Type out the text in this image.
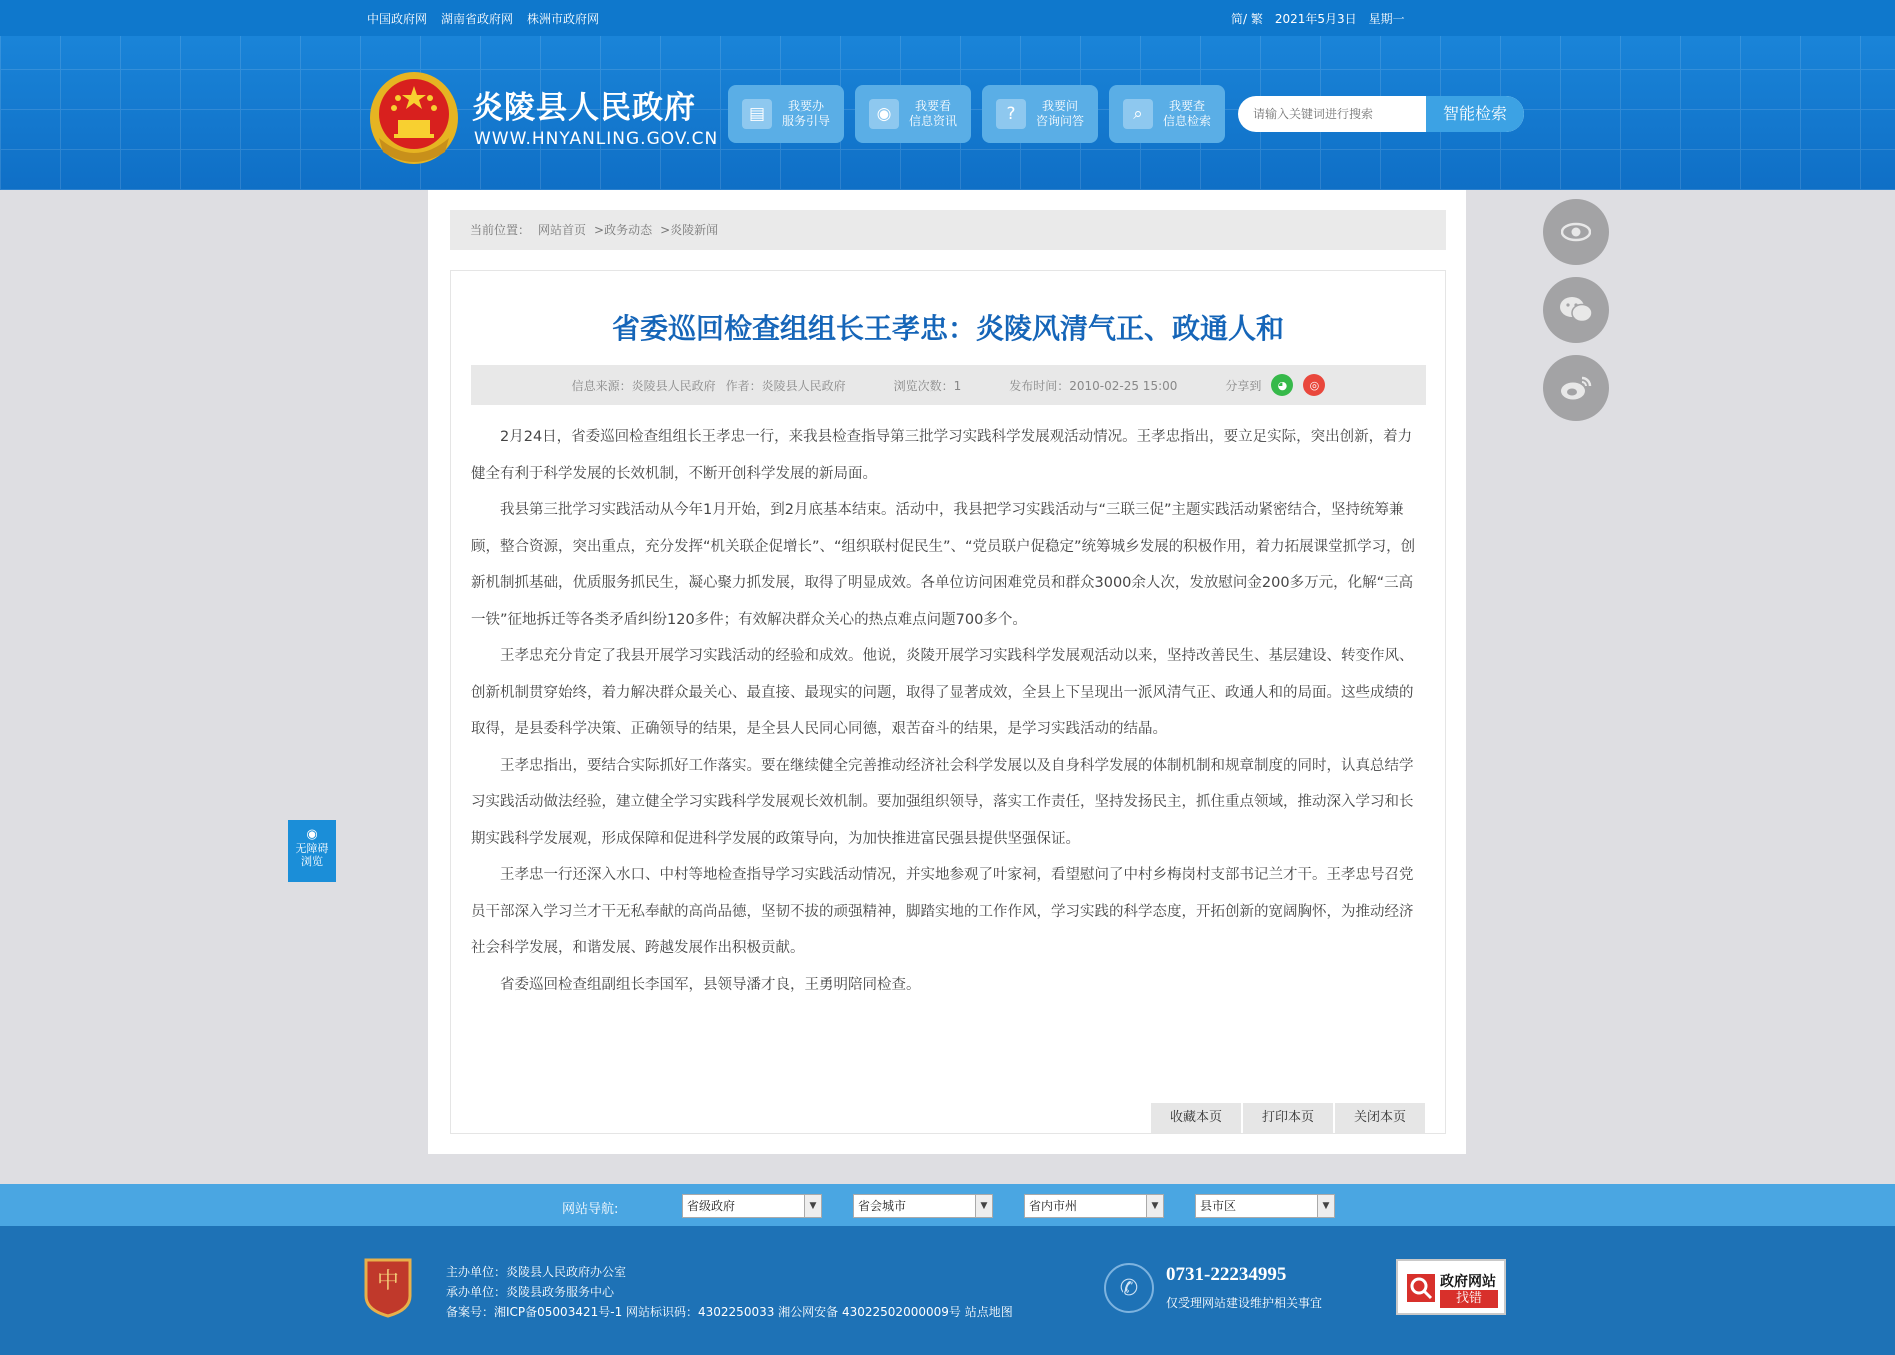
中国政府网 湖南省政府网 株洲市政府网	简/ 繁 2021年5月3日 星期一
炎陵县人民政府
WWW.HNYANLING.GOV.CN
▤	我要办
服务引导	◉	我要看
信息资讯	?	我要问
咨询问答	⌕	我要查
信息检索
请输入关键词进行搜索	智能检索
当前位置： 网站首页 >政务动态 >炎陵新闻
省委巡回检查组组长王孝忠：炎陵风清气正、政通人和
信息来源：炎陵县人民政府 作者：炎陵县人民政府	浏览次数：1	发布时间：2010-02-25 15:00	分享到	◕	◎

2月24日，省委巡回检查组组长王孝忠一行，来我县检查指导第三批学习实践科学发展观活动情况。王孝忠指出，要立足实际，突出创新，着力健全有利于科学发展的长效机制，不断开创科学发展的新局面。

我县第三批学习实践活动从今年1月开始，到2月底基本结束。活动中，我县把学习实践活动与“三联三促”主题实践活动紧密结合，坚持统筹兼顾，整合资源，突出重点，充分发挥“机关联企促增长”、“组织联村促民生”、“党员联户促稳定”统筹城乡发展的积极作用，着力拓展课堂抓学习，创新机制抓基础，优质服务抓民生，凝心聚力抓发展，取得了明显成效。各单位访问困难党员和群众3000余人次，发放慰问金200多万元，化解“三高一铁”征地拆迁等各类矛盾纠纷120多件；有效解决群众关心的热点难点问题700多个。

王孝忠充分肯定了我县开展学习实践活动的经验和成效。他说，炎陵开展学习实践科学发展观活动以来，坚持改善民生、基层建设、转变作风、创新机制贯穿始终，着力解决群众最关心、最直接、最现实的问题，取得了显著成效，全县上下呈现出一派风清气正、政通人和的局面。这些成绩的取得，是县委科学决策、正确领导的结果，是全县人民同心同德，艰苦奋斗的结果，是学习实践活动的结晶。

王孝忠指出，要结合实际抓好工作落实。要在继续健全完善推动经济社会科学发展以及自身科学发展的体制机制和规章制度的同时，认真总结学习实践活动做法经验，建立健全学习实践科学发展观长效机制。要加强组织领导，落实工作责任，坚持发扬民主，抓住重点领域，推动深入学习和长期实践科学发展观，形成保障和促进科学发展的政策导向，为加快推进富民强县提供坚强保证。

王孝忠一行还深入水口、中村等地检查指导学习实践活动情况，并实地参观了叶家祠，看望慰问了中村乡梅岗村支部书记兰才干。王孝忠号召党员干部深入学习兰才干无私奉献的高尚品德，坚韧不拔的顽强精神，脚踏实地的工作作风，学习实践的科学态度，开拓创新的宽阔胸怀，为推动经济社会科学发展，和谐发展、跨越发展作出积极贡献。

省委巡回检查组副组长李国军，县领导潘才良，王勇明陪同检查。

收藏本页	打印本页	关闭本页
◉
无障碍
浏览
网站导航:	省级政府	▼	省会城市	▼	省内市州	▼	县市区	▼
中	主办单位：炎陵县人民政府办公室
承办单位：炎陵县政务服务中心
备案号：湘ICP备05003421号-1 网站标识码：4302250033 湘公网安备 43022502000009号 站点地图
✆
0731-22234995
仅受理网站建设维护相关事宜
政府网站
找错
